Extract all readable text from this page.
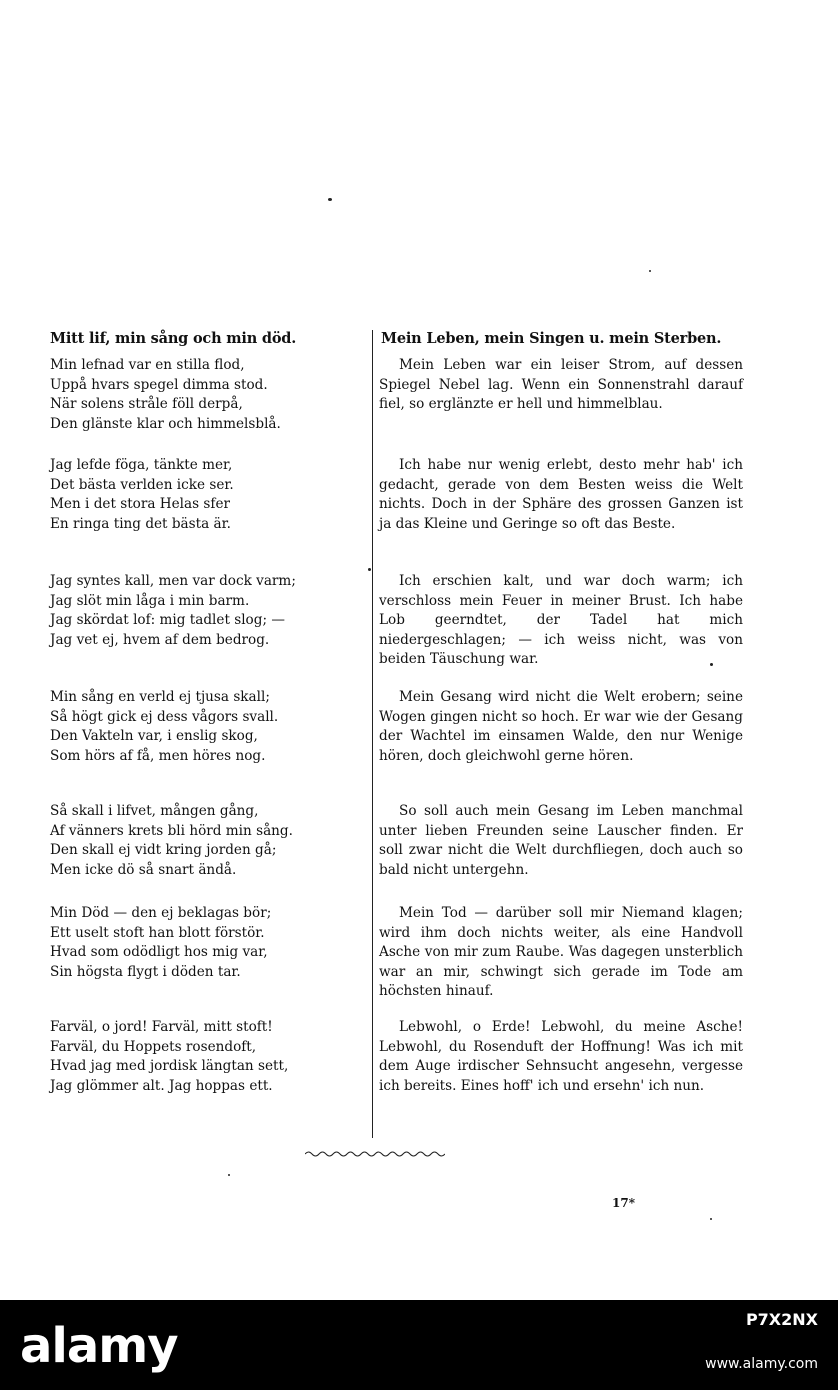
Mitt lif, min sång och min död.
Min lefnad var en stilla flod,
Uppå hvars spegel dimma stod.
När solens stråle föll derpå,
Den glänste klar och himmelsblå.
Jag lefde föga, tänkte mer,
Det bästa verlden icke ser.
Men i det stora Helas sfer
En ringa ting det bästa är.
Jag syntes kall, men var dock varm;
Jag slöt min låga i min barm.
Jag skördat lof: mig tadlet slog; —
Jag vet ej, hvem af dem bedrog.
Min sång en verld ej tjusa skall;
Så högt gick ej dess vågors svall.
Den Vakteln var, i enslig skog,
Som hörs af få, men höres nog.
Så skall i lifvet, mången gång,
Af vänners krets bli hörd min sång.
Den skall ej vidt kring jorden gå;
Men icke dö så snart ändå.
Min Död — den ej beklagas bör;
Ett uselt stoft han blott förstör.
Hvad som odödligt hos mig var,
Sin högsta flygt i döden tar.
Farväl, o jord! Farväl, mitt stoft!
Farväl, du Hoppets rosendoft,
Hvad jag med jordisk längtan sett,
Jag glömmer alt. Jag hoppas ett.
Mein Leben, mein Singen u. mein Sterben.
Mein Leben war ein leiser Strom, auf dessen Spiegel Nebel lag. Wenn ein Sonnenstrahl darauf fiel, so erglänzte er hell und himmelblau.
Ich habe nur wenig erlebt, desto mehr hab' ich gedacht, gerade von dem Besten weiss die Welt nichts. Doch in der Sphäre des grossen Ganzen ist ja das Kleine und Geringe so oft das Beste.
Ich erschien kalt, und war doch warm; ich verschloss mein Feuer in meiner Brust. Ich habe Lob geerndtet, der Tadel hat mich niedergeschlagen; — ich weiss nicht, was von beiden Täuschung war.
Mein Gesang wird nicht die Welt erobern; seine Wogen gingen nicht so hoch. Er war wie der Gesang der Wachtel im einsamen Walde, den nur Wenige hören, doch gleichwohl gerne hören.
So soll auch mein Gesang im Leben manchmal unter lieben Freunden seine Lauscher finden. Er soll zwar nicht die Welt durchfliegen, doch auch so bald nicht untergehn.
Mein Tod — darüber soll mir Niemand klagen; wird ihm doch nichts weiter, als eine Handvoll Asche von mir zum Raube. Was dagegen unsterblich war an mir, schwingt sich gerade im Tode am höchsten hinauf.
Lebwohl, o Erde! Lebwohl, du meine Asche! Lebwohl, du Rosenduft der Hoffnung! Was ich mit dem Auge irdischer Sehnsucht angesehn, vergesse ich bereits. Eines hoff' ich und ersehn' ich nun.
17*
alamy	P7X2NX
www.alamy.com
